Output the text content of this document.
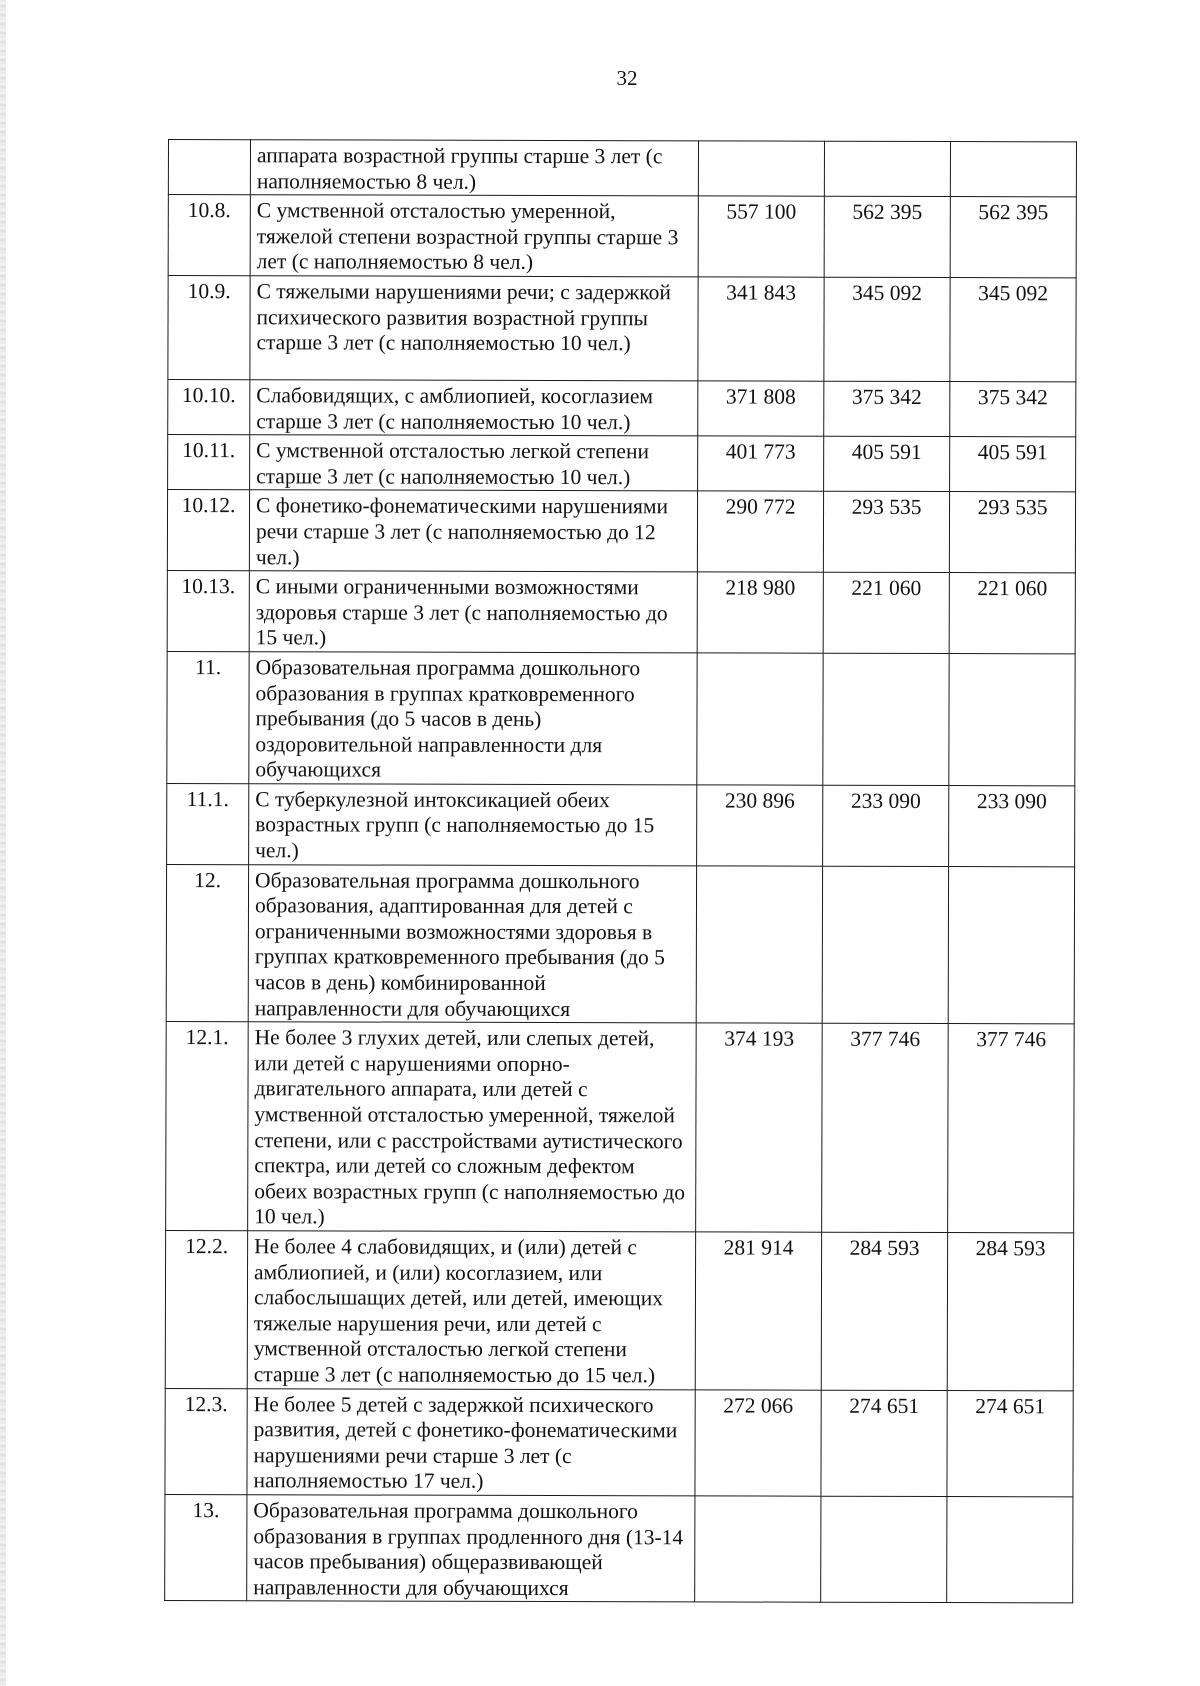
32
	аппарата возрастной группы старше 3 лет (с наполняемостью 8 чел.)			
10.8.	С умственной отсталостью умеренной, тяжелой степени возрастной группы старше 3 лет (с наполняемостью 8 чел.)	557 100	562 395	562 395
10.9.	С тяжелыми нарушениями речи; с задержкой психического развития возрастной группы старше 3 лет (с наполняемостью 10 чел.)	341 843	345 092	345 092
10.10.	Слабовидящих, с амблиопией, косоглазием старше 3 лет (с наполняемостью 10 чел.)	371 808	375 342	375 342
10.11.	С умственной отсталостью легкой степени старше 3 лет (с наполняемостью 10 чел.)	401 773	405 591	405 591
10.12.	С фонетико-фонематическими нарушениями речи старше 3 лет (с наполняемостью до 12 чел.)	290 772	293 535	293 535
10.13.	С иными ограниченными возможностями здоровья старше 3 лет (с наполняемостью до 15 чел.)	218 980	221 060	221 060
11.	Образовательная программа дошкольного образования в группах кратковременного пребывания (до 5 часов в день) оздоровительной направленности для обучающихся			
11.1.	С туберкулезной интоксикацией обеих возрастных групп (с наполняемостью до 15 чел.)	230 896	233 090	233 090
12.	Образовательная программа дошкольного образования, адаптированная для детей с ограниченными возможностями здоровья в группах кратковременного пребывания (до 5 часов в день) комбинированной направленности для обучающихся			
12.1.	Не более 3 глухих детей, или слепых детей, или детей с нарушениями опорно-двигательного аппарата, или детей с умственной отсталостью умеренной, тяжелой степени, или с расстройствами аутистического спектра, или детей со сложным дефектом обеих возрастных групп (с наполняемостью до 10 чел.)	374 193	377 746	377 746
12.2.	Не более 4 слабовидящих, и (или) детей с амблиопией, и (или) косоглазием, или слабослышащих детей, или детей, имеющих тяжелые нарушения речи, или детей с умственной отсталостью легкой степени старше 3 лет (с наполняемостью до 15 чел.)	281 914	284 593	284 593
12.3.	Не более 5 детей с задержкой психического развития, детей с фонетико-фонематическими нарушениями речи старше 3 лет (с наполняемостью 17 чел.)	272 066	274 651	274 651
13.	Образовательная программа дошкольного образования в группах продленного дня (13-14 часов пребывания) общеразвивающей направленности для обучающихся			
